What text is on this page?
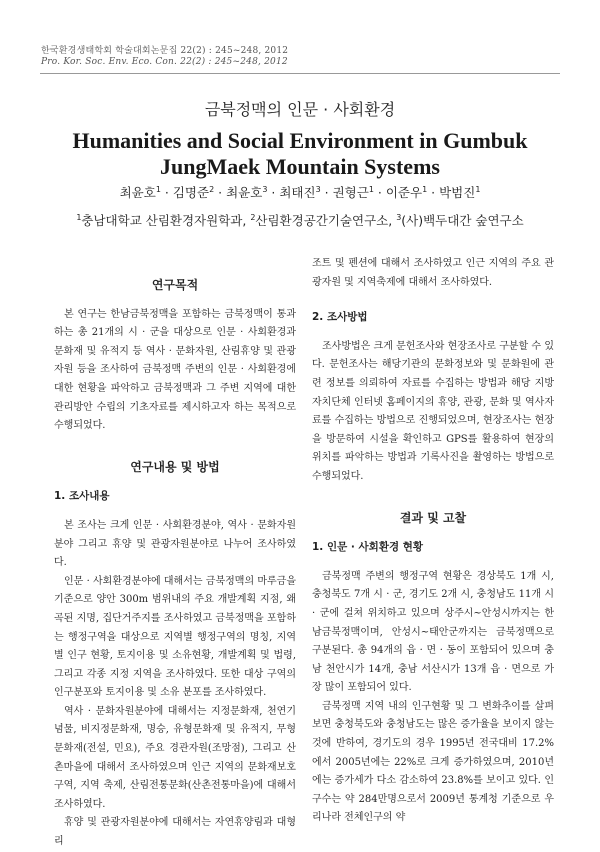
한국환경생태학회 학술대회논문집 22(2) : 245~248, 2012
Pro. Kor. Soc. Env. Eco. Con. 22(2) : 245~248, 2012
금북정맥의 인문 · 사회환경
Humanities and Social Environment in Gumbuk JungMaek Mountain Systems
최윤호$^1$ · 김명준$^2$ · 최윤호$^3$ · 최태진$^3$ · 권형근$^1$ · 이준우$^1$ · 박범진$^1$
$^1$충남대학교 산림환경자원학과, $^2$산림환경공간기술연구소, $^3$(사)백두대간 숲연구소
연구목적

본 연구는 한남금북정맥을 포함하는 금북정맥이 통과하는 총 21개의 시 · 군을 대상으로 인문 · 사회환경과 문화재 및 유적지 등 역사 · 문화자원, 산림휴양 및 관광자원 등을 조사하여 금북정맥 주변의 인문 · 사회환경에 대한 현황을 파악하고 금북정맥과 그 주변 지역에 대한 관리방안 수립의 기초자료를 제시하고자 하는 목적으로 수행되었다.

연구내용 및 방법
1. 조사내용

본 조사는 크게 인문 · 사회환경분야, 역사 · 문화자원분야 그리고 휴양 및 관광자원분야로 나누어 조사하였다.

인문 · 사회환경분야에 대해서는 금북정맥의 마루금을 기준으로 양안 300m 범위내의 주요 개발계획 지점, 왜곡된 지명, 집단거주지를 조사하였고 금북정맥을 포함하는 행정구역을 대상으로 지역별 행정구역의 명칭, 지역별 인구 현황, 토지이용 및 소유현황, 개발계획 및 법령, 그리고 각종 지정 지역을 조사하였다. 또한 대상 구역의 인구분포와 토지이용 및 소유 분포를 조사하였다.

역사 · 문화자원분야에 대해서는 지정문화재, 천연기념물, 비지정문화재, 명승, 유형문화재 및 유적지, 무형문화재(전설, 민요), 주요 경관자원(조망점), 그리고 산촌마을에 대해서 조사하였으며 인근 지역의 문화재보호구역, 지역 축제, 산림전통문화(산촌전통마을)에 대해서 조사하였다.

휴양 및 관광자원분야에 대해서는 자연휴양림과 대형 리

조트 및 펜션에 대해서 조사하였고 인근 지역의 주요 관광자원 및 지역축제에 대해서 조사하였다.

2. 조사방법

조사방법은 크게 문헌조사와 현장조사로 구분할 수 있다. 문헌조사는 해당기관의 문화정보와 및 문화원에 관련 정보를 의뢰하여 자료를 수집하는 방법과 해당 지방자치단체 인터넷 홈페이지의 휴양, 관광, 문화 및 역사자료를 수집하는 방법으로 진행되었으며, 현장조사는 현장을 방문하여 시설을 확인하고 GPS를 활용하여 현장의 위치를 파악하는 방법과 기록사진을 촬영하는 방법으로 수행되었다.

결과 및 고찰
1. 인문 · 사회환경 현황

금북정맥 주변의 행정구역 현황은 경상북도 1개 시, 충청북도 7개 시 · 군, 경기도 2개 시, 충청남도 11개 시 · 군에 걸쳐 위치하고 있으며 상주시~안성시까지는 한남금북정맥이며, 안성시~태안군까지는 금북정맥으로 구분된다. 총 94개의 읍 · 면 · 동이 포함되어 있으며 충남 천안시가 14개, 충남 서산시가 13개 읍 · 면으로 가장 많이 포함되어 있다.

금북정맥 지역 내의 인구현황 및 그 변화추이를 살펴보면 충청북도와 충청남도는 많은 증가율을 보이지 않는 것에 반하여, 경기도의 경우 1995년 전국대비 17.2%에서 2005년에는 22%로 크게 증가하였으며, 2010년에는 증가세가 다소 감소하여 23.8%를 보이고 있다. 인구수는 약 284만명으로서 2009년 통계청 기준으로 우리나라 전체인구의 약
